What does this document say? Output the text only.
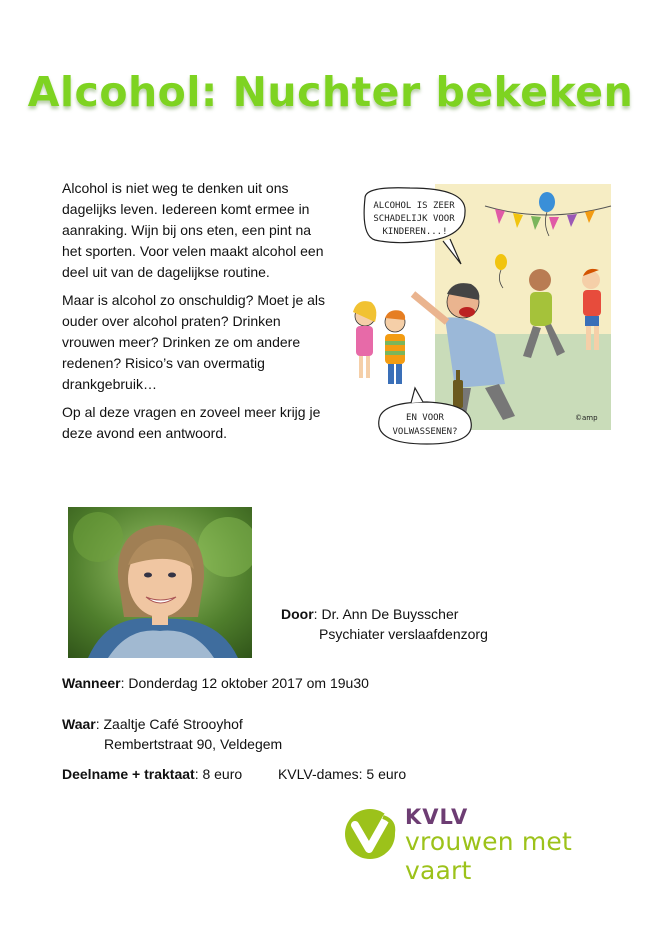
Alcohol: Nuchter bekeken

Alcohol is niet weg te denken uit ons dagelijks leven. Iedereen komt ermee in aanraking. Wijn bij ons eten, een pint na het sporten. Voor velen maakt alcohol een deel uit van de dagelijkse routine.

Maar is alcohol zo onschuldig? Moet je als ouder over alcohol praten? Drinken vrouwen meer? Drinken ze om andere redenen? Risico’s van overmatig drankgebruik…

Op al deze vragen en zoveel meer krijg je deze avond een antwoord.

ALCOHOL IS ZEER
SCHADELIJK VOOR
KINDEREN...!
EN VOOR
VOLWASSENEN?
©amp
Door: Dr. Ann De Buysscher
Psychiater verslaafdenzorg
Wanneer: Donderdag 12 oktober 2017 om 19u30
Waar: Zaaltje Café Strooyhof
Rembertstraat 90, Veldegem
Deelname + traktaat: 8 euro	KVLV-dames: 5 euro
KVLV
vrouwen met vaart
